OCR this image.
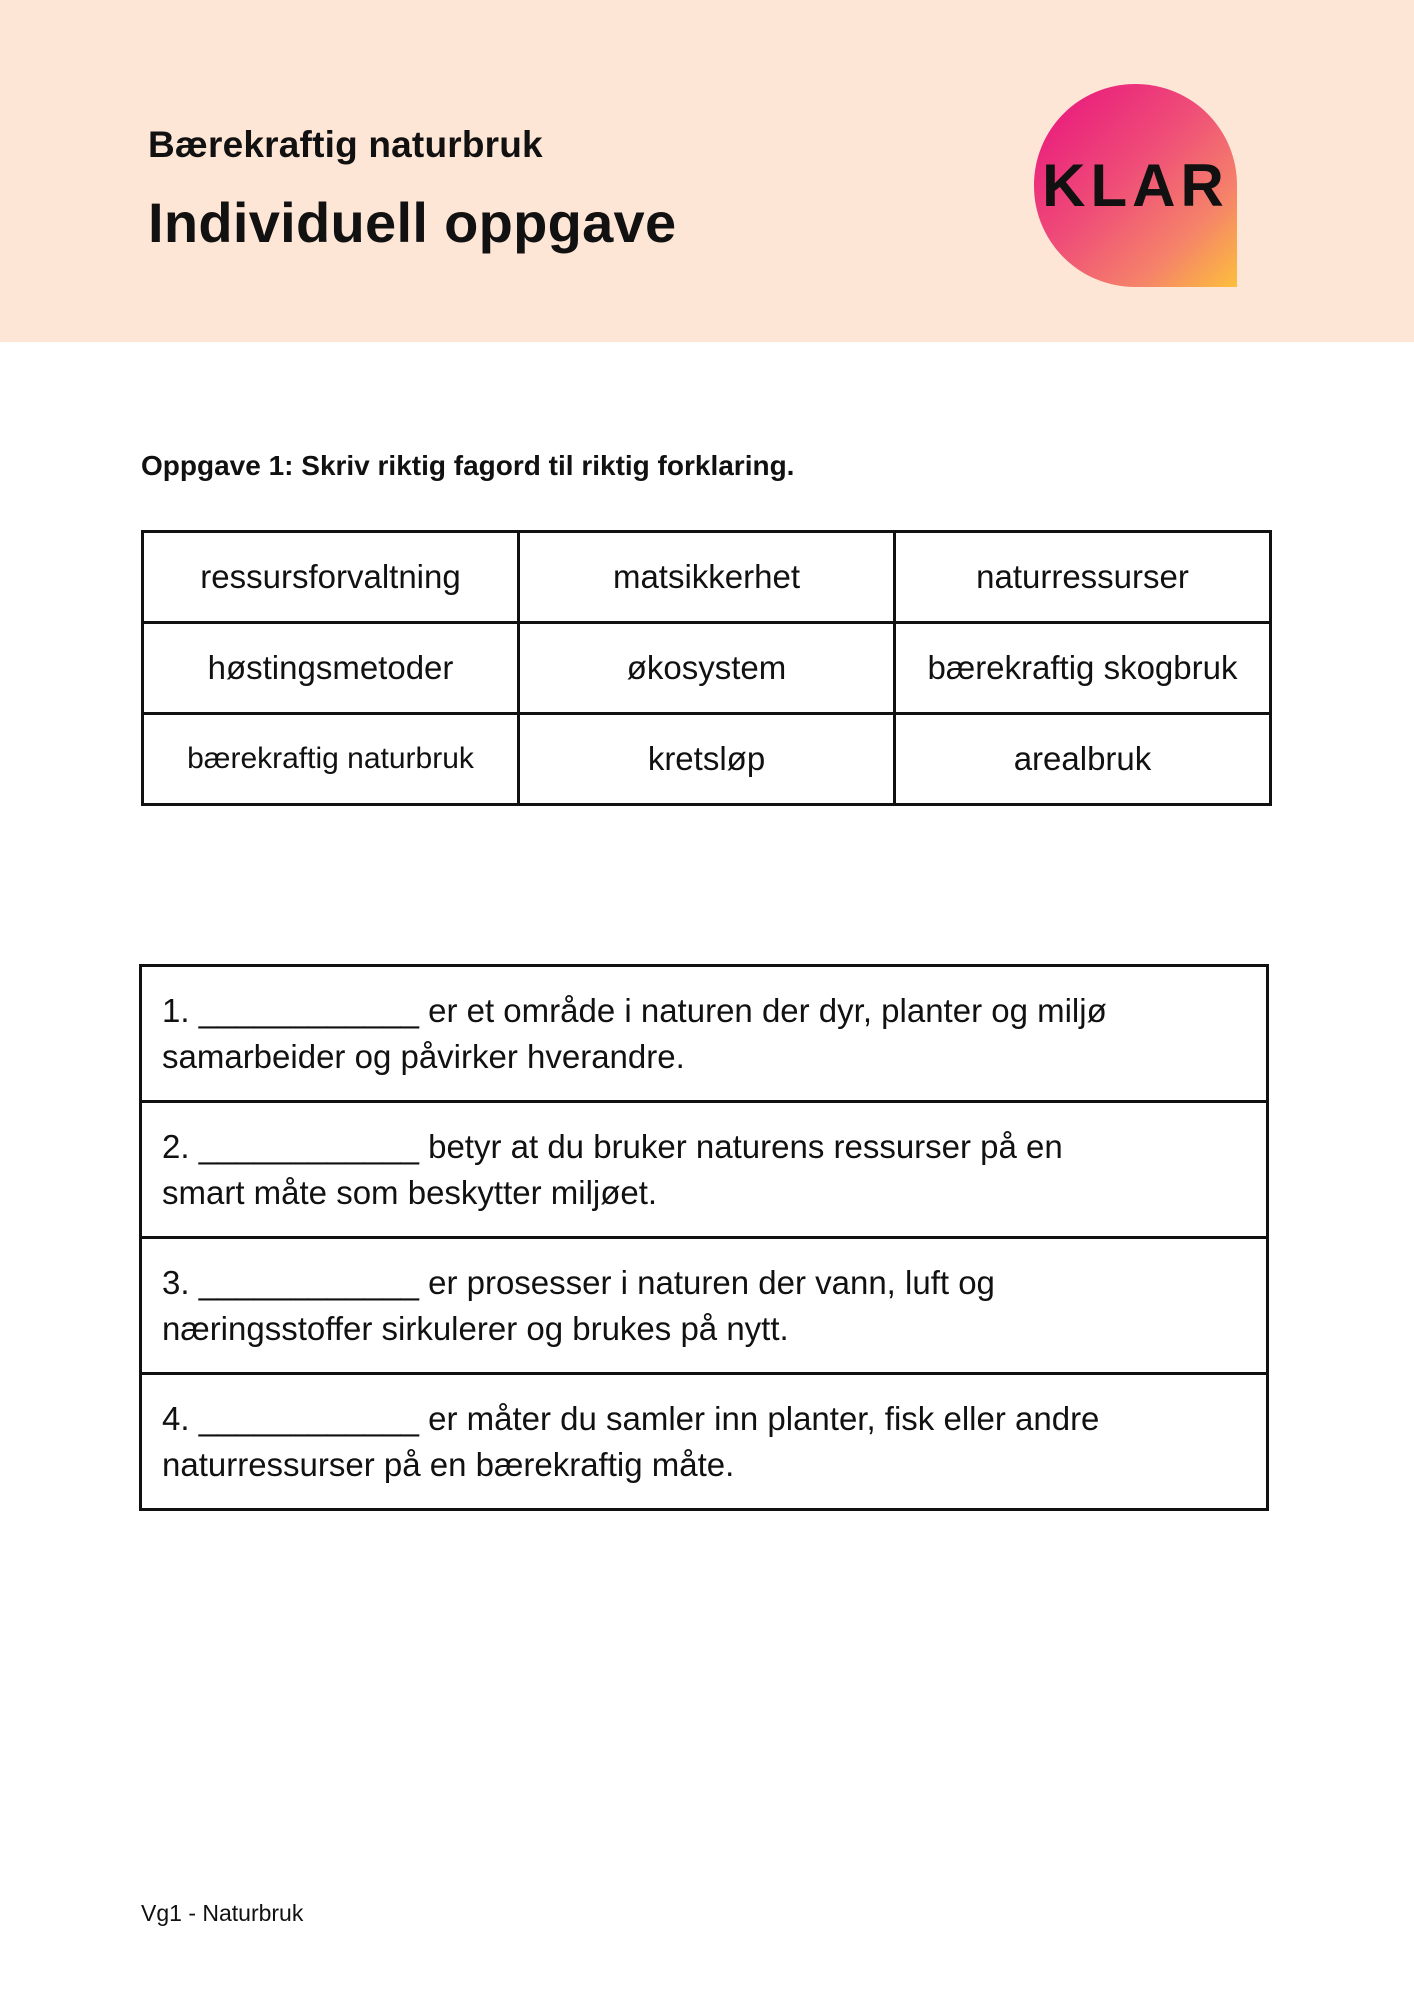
Bærekraftig naturbruk
Individuell oppgave
KLAR
Oppgave 1: Skriv riktig fagord til riktig forklaring.
ressursforvaltning	matsikkerhet	naturressurser
høstingsmetoder	økosystem	bærekraftig skogbruk
bærekraftig naturbruk	kretsløp	arealbruk
1. ____________ er et område i naturen der dyr, planter og miljø
samarbeider og påvirker hverandre.

2. ____________ betyr at du bruker naturens ressurser på en
smart måte som beskytter miljøet.

3. ____________ er prosesser i naturen der vann, luft og
næringsstoffer sirkulerer og brukes på nytt.

4. ____________ er måter du samler inn planter, fisk eller andre
naturressurser på en bærekraftig måte.
Vg1 - Naturbruk
